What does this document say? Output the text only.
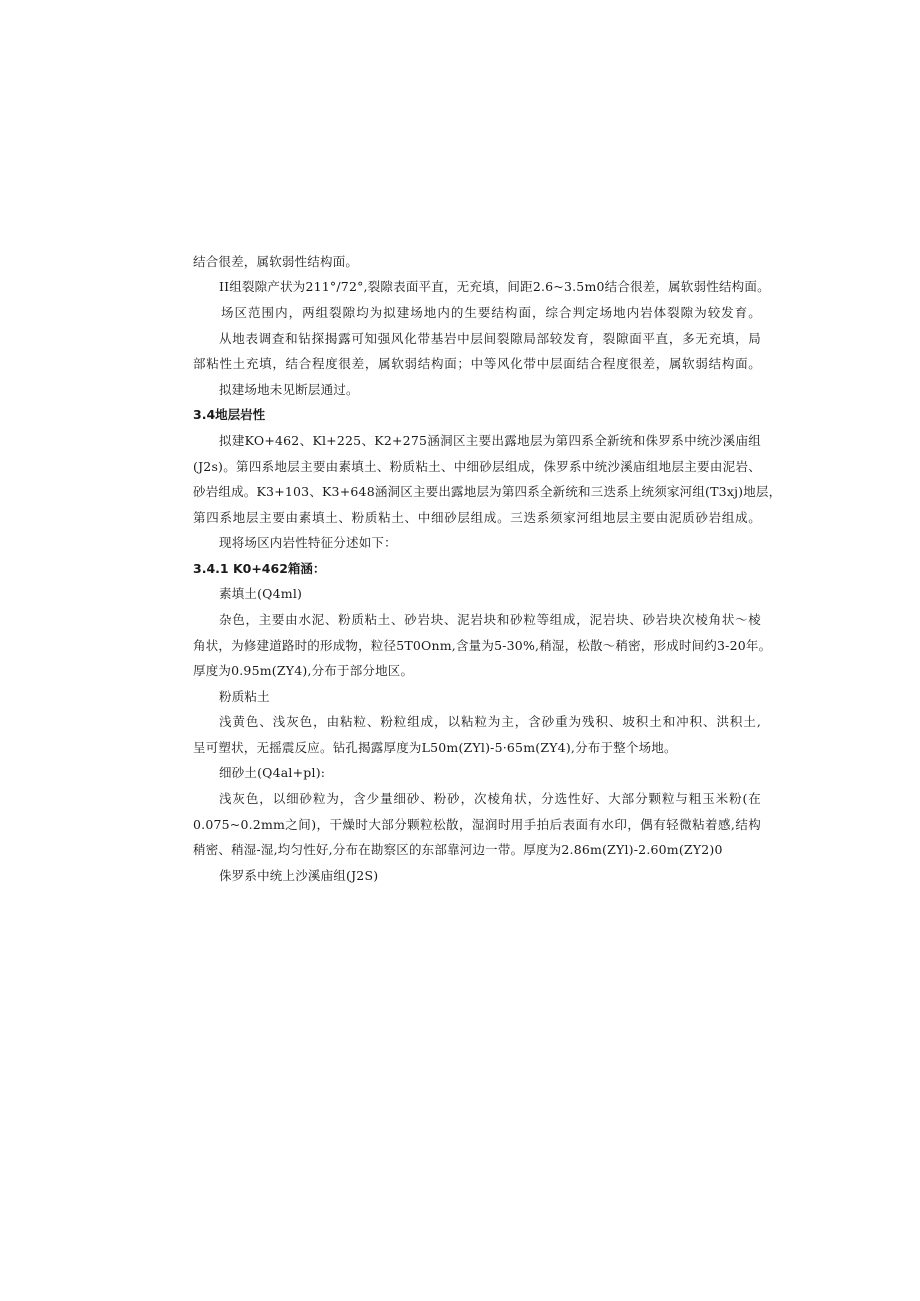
结合很差，属软弱性结构面。
II组裂隙产状为211°/72°,裂隙表面平直，无充填，间距2.6~3.5m0结合很差，属软弱性结构面。
场区范围内，两组裂隙均为拟建场地内的生要结构面，综合判定场地内岩体裂隙为较发育。
从地表调查和钻探揭露可知强风化带基岩中层间裂隙局部较发育，裂隙面平直，多无充填，局
部粘性土充填，结合程度很差，属软弱结构面；中等风化带中层面结合程度很差，属软弱结构面。
拟建场地未见断层通过。
3.4地层岩性
拟建KO+462、Kl+225、K2+275涵洞区主要出露地层为第四系全新统和侏罗系中统沙溪庙组
(J2s)。第四系地层主要由素填土、粉质粘土、中细砂层组成，侏罗系中统沙溪庙组地层主要由泥岩、
砂岩组成。K3+103、K3+648涵洞区主要出露地层为第四系全新统和三迭系上统须家河组(T3xj)地层，
第四系地层主要由素填土、粉质粘土、中细砂层组成。三迭系须家河组地层主要由泥质砂岩组成。
现将场区内岩性特征分述如下：
3.4.1 K0+462箱涵：
素填土(Q4ml)
杂色，主要由水泥、粉质粘土、砂岩块、泥岩块和砂粒等组成，泥岩块、砂岩块次棱角状～棱
角状，为修建道路时的形成物，粒径5T0Onm,含量为5-30%,稍湿，松散～稍密，形成时间约3-20年。
厚度为0.95m(ZY4),分布于部分地区。
粉质粘土
浅黄色、浅灰色，由粘粒、粉粒组成，以粘粒为主，含砂重为残积、坡积土和冲积、洪积土,
呈可塑状，无摇震反应。钻孔揭露厚度为L50m(ZYl)-5·65m(ZY4),分布于整个场地。
细砂土(Q4al+pl):
浅灰色，以细砂粒为，含少量细砂、粉砂，次棱角状，分选性好、大部分颗粒与粗玉米粉(在
0.075~0.2mm之间)，干燥时大部分颗粒松散，湿润时用手拍后表面有水印，偶有轻微粘着感,结构
稍密、稍湿-湿,均匀性好,分布在勘察区的东部靠河边一带。厚度为2.86m(ZYl)-2.60m(ZY2)0
侏罗系中统上沙溪庙组(J2S)
